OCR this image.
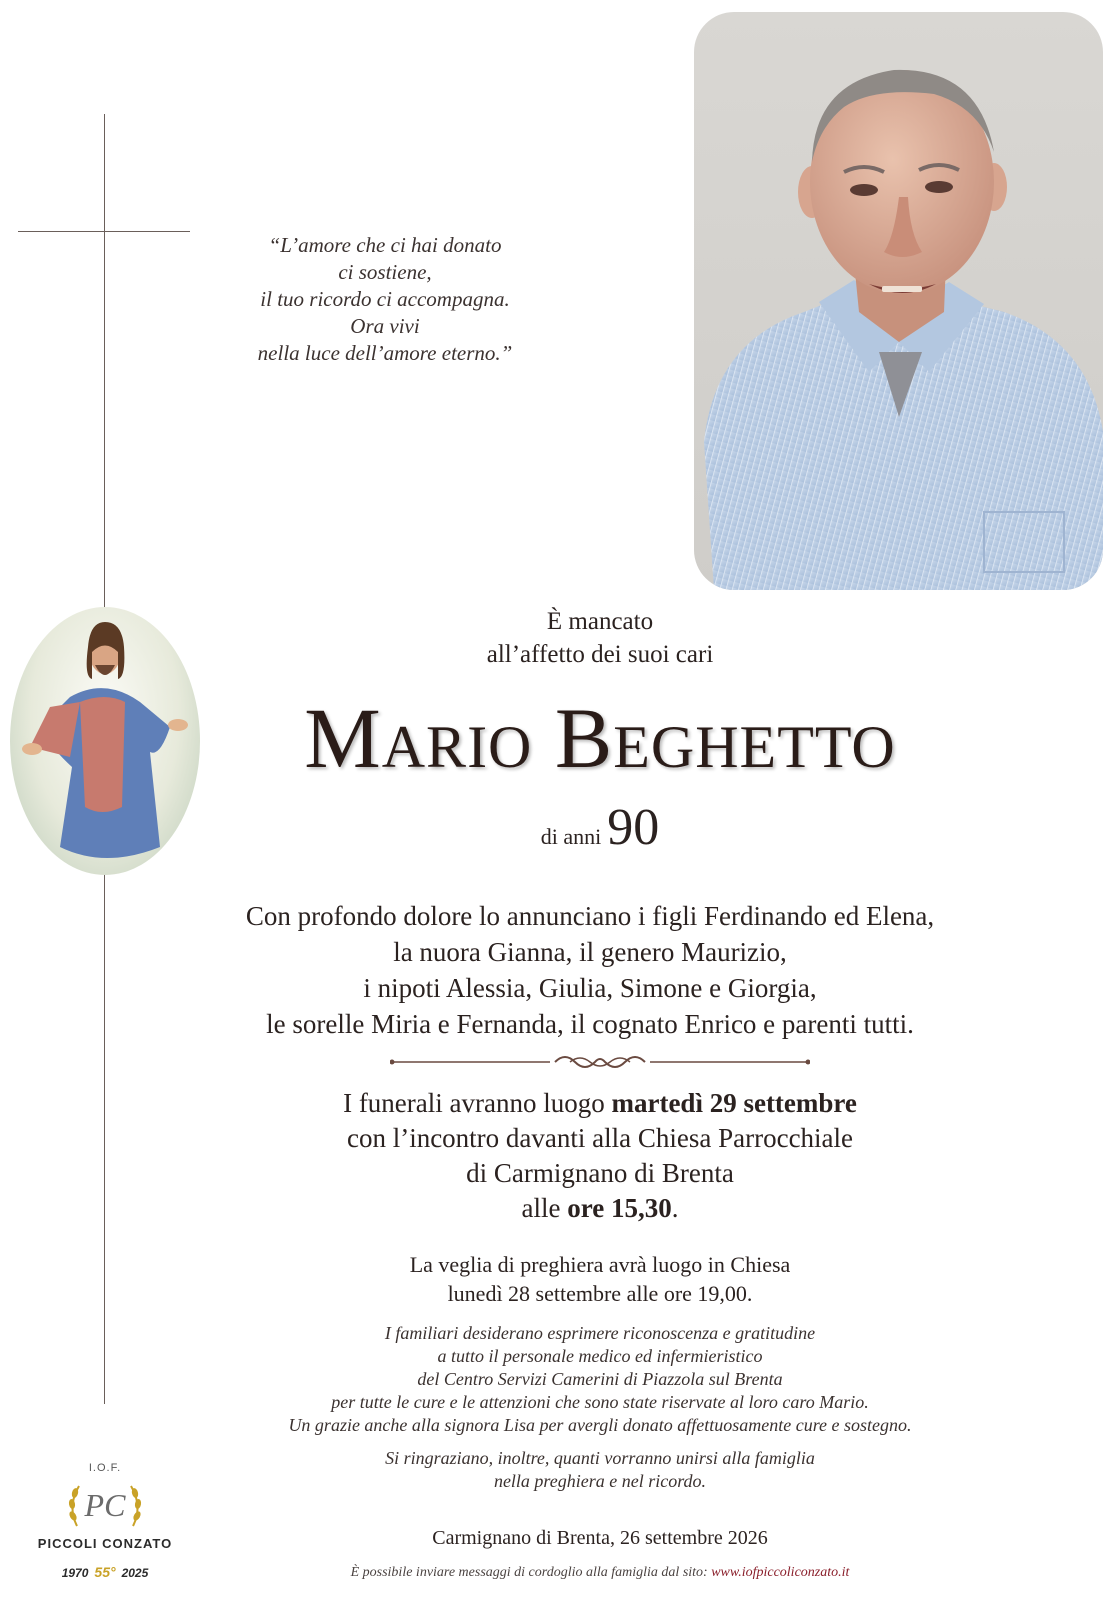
“L’amore che ci hai donato
ci sostiene,
il tuo ricordo ci accompagna.
Ora vivi
nella luce dell’amore eterno.”
È mancato
all’affetto dei suoi cari
Mario Beghetto
di anni 90
Con profondo dolore lo annunciano i figli Ferdinando ed Elena,
la nuora Gianna, il genero Maurizio,
i nipoti Alessia, Giulia, Simone e Giorgia,
le sorelle Miria e Fernanda, il cognato Enrico e parenti tutti.
I funerali avranno luogo martedì 29 settembre
con l’incontro davanti alla Chiesa Parrocchiale
di Carmignano di Brenta
alle ore 15,30.
La veglia di preghiera avrà luogo in Chiesa
lunedì 28 settembre alle ore 19,00.
I familiari desiderano esprimere riconoscenza e gratitudine
a tutto il personale medico ed infermieristico
del Centro Servizi Camerini di Piazzola sul Brenta
per tutte le cure e le attenzioni che sono state riservate al loro caro Mario.
Un grazie anche alla signora Lisa per avergli donato affettuosamente cure e sostegno.
Si ringraziano, inoltre, quanti vorranno unirsi alla famiglia
nella preghiera e nel ricordo.
Carmignano di Brenta, 26 settembre 2026
È possibile inviare messaggi di cordoglio alla famiglia dal sito: www.iofpiccoliconzato.it
I.O.F.
PC
PICCOLI CONZATO
1970 55° 2025
